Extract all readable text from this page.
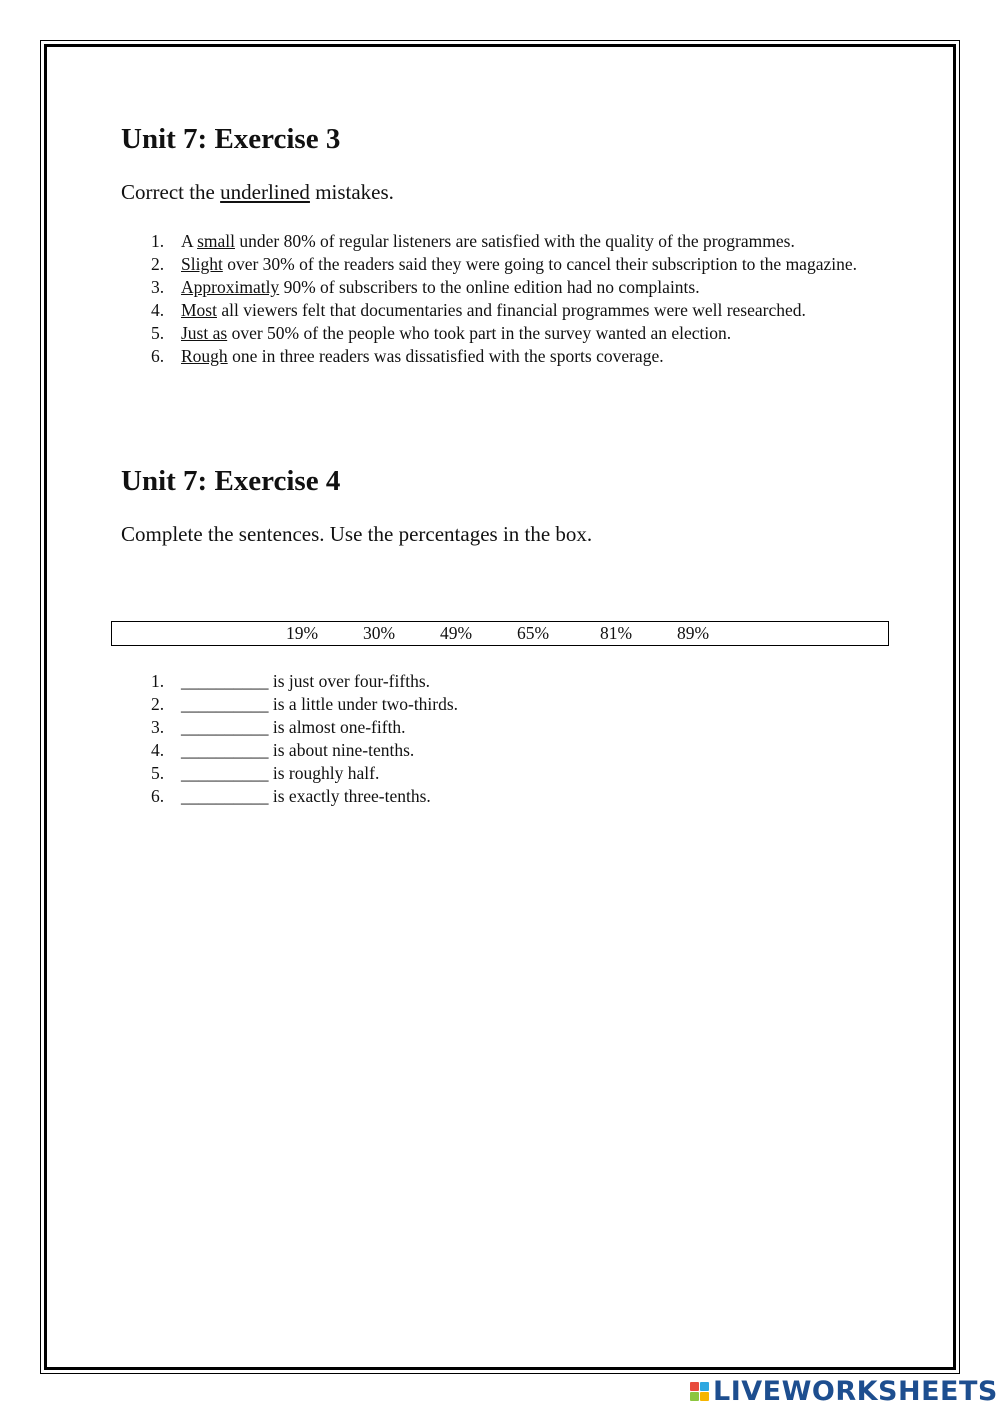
Unit 7: Exercise 3
Correct the underlined mistakes.
1. A small under 80% of regular listeners are satisfied with the quality of the programmes.
2. Slight over 30% of the readers said they were going to cancel their subscription to the magazine.
3. Approximatly 90% of subscribers to the online edition had no complaints.
4. Most all viewers felt that documentaries and financial programmes were well researched.
5. Just as over 50% of the people who took part in the survey wanted an election.
6. Rough one in three readers was dissatisfied with the sports coverage.
Unit 7: Exercise 4
Complete the sentences. Use the percentages in the box.
19%	30%	49%	65%	81%	89%
1. __________ is just over four-fifths.
2. __________ is a little under two-thirds.
3. __________ is almost one-fifth.
4. __________ is about nine-tenths.
5. __________ is roughly half.
6. __________ is exactly three-tenths.
LIVEWORKSHEETS
